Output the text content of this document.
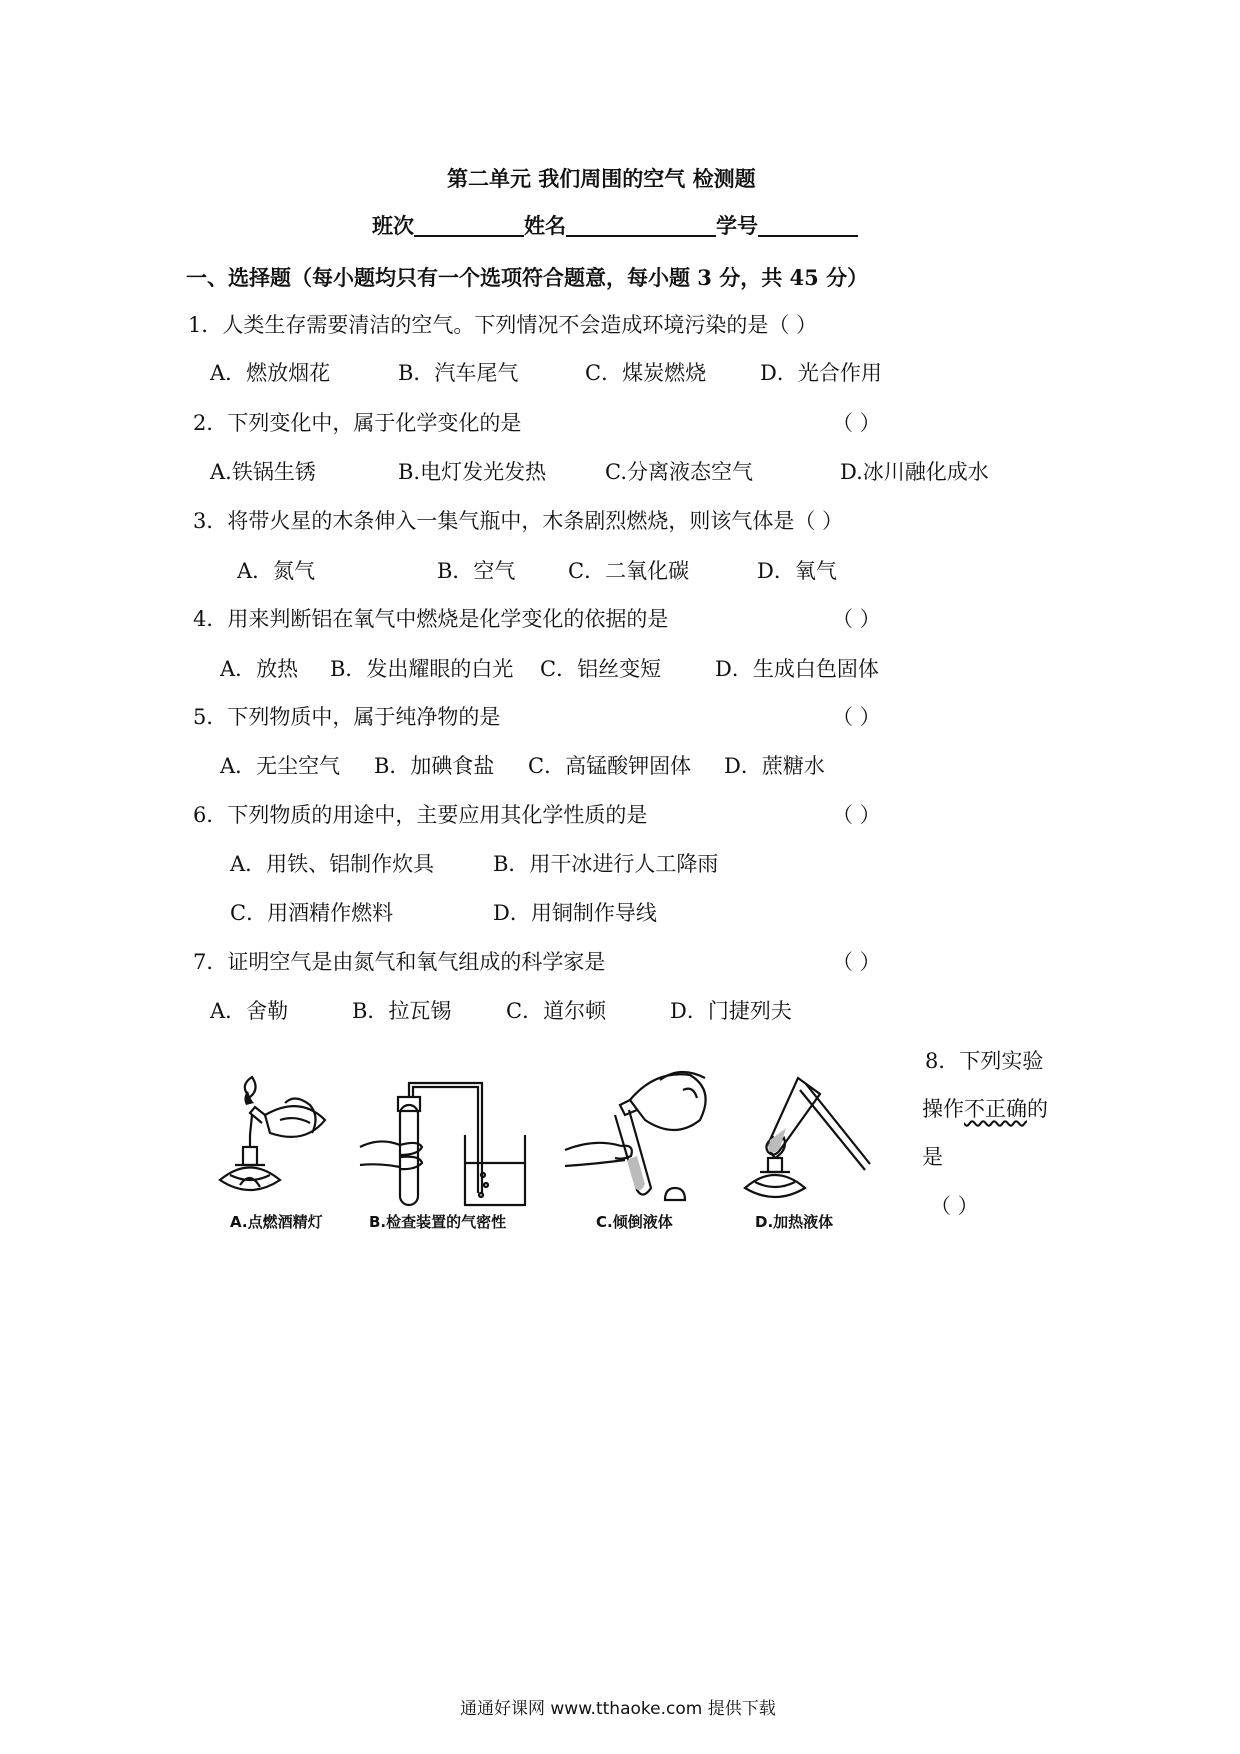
第二单元 我们周围的空气 检测题
班次	姓名	学号
一、选择题（每小题均只有一个选项符合题意，每小题 3 分，共 45 分）
1．人类生存需要清洁的空气。下列情况不会造成环境污染的是（ ）
A．燃放烟花	B．汽车尾气	C．煤炭燃烧	D．光合作用
2．下列变化中，属于化学变化的是	（ ）
A.铁锅生锈	B.电灯发光发热	C.分离液态空气	D.冰川融化成水
3．将带火星的木条伸入一集气瓶中，木条剧烈燃烧，则该气体是（ ）
A．氮气	B．空气	C．二氧化碳	D．氧气
4．用来判断铝在氧气中燃烧是化学变化的依据的是	（ ）
A．放热 B．发出耀眼的白光 C．铝丝变短	D．生成白色固体
5．下列物质中，属于纯净物的是	（ ）
A．无尘空气 B．加碘食盐 C．高锰酸钾固体 D．蔗糖水
6．下列物质的用途中，主要应用其化学性质的是	（ ）
A．用铁、铝制作炊具	B．用干冰进行人工降雨
C．用酒精作燃料	D．用铜制作导线
7．证明空气是由氮气和氧气组成的科学家是	（ ）
A．舍勒	B．拉瓦锡	C．道尔顿	D．门捷列夫
8．下列实验
操作不正确的
是
（ ）
A.点燃酒精灯	B.检查装置的气密性	C.倾倒液体	D.加热液体
通通好课网 www.tthaoke.com 提供下载
